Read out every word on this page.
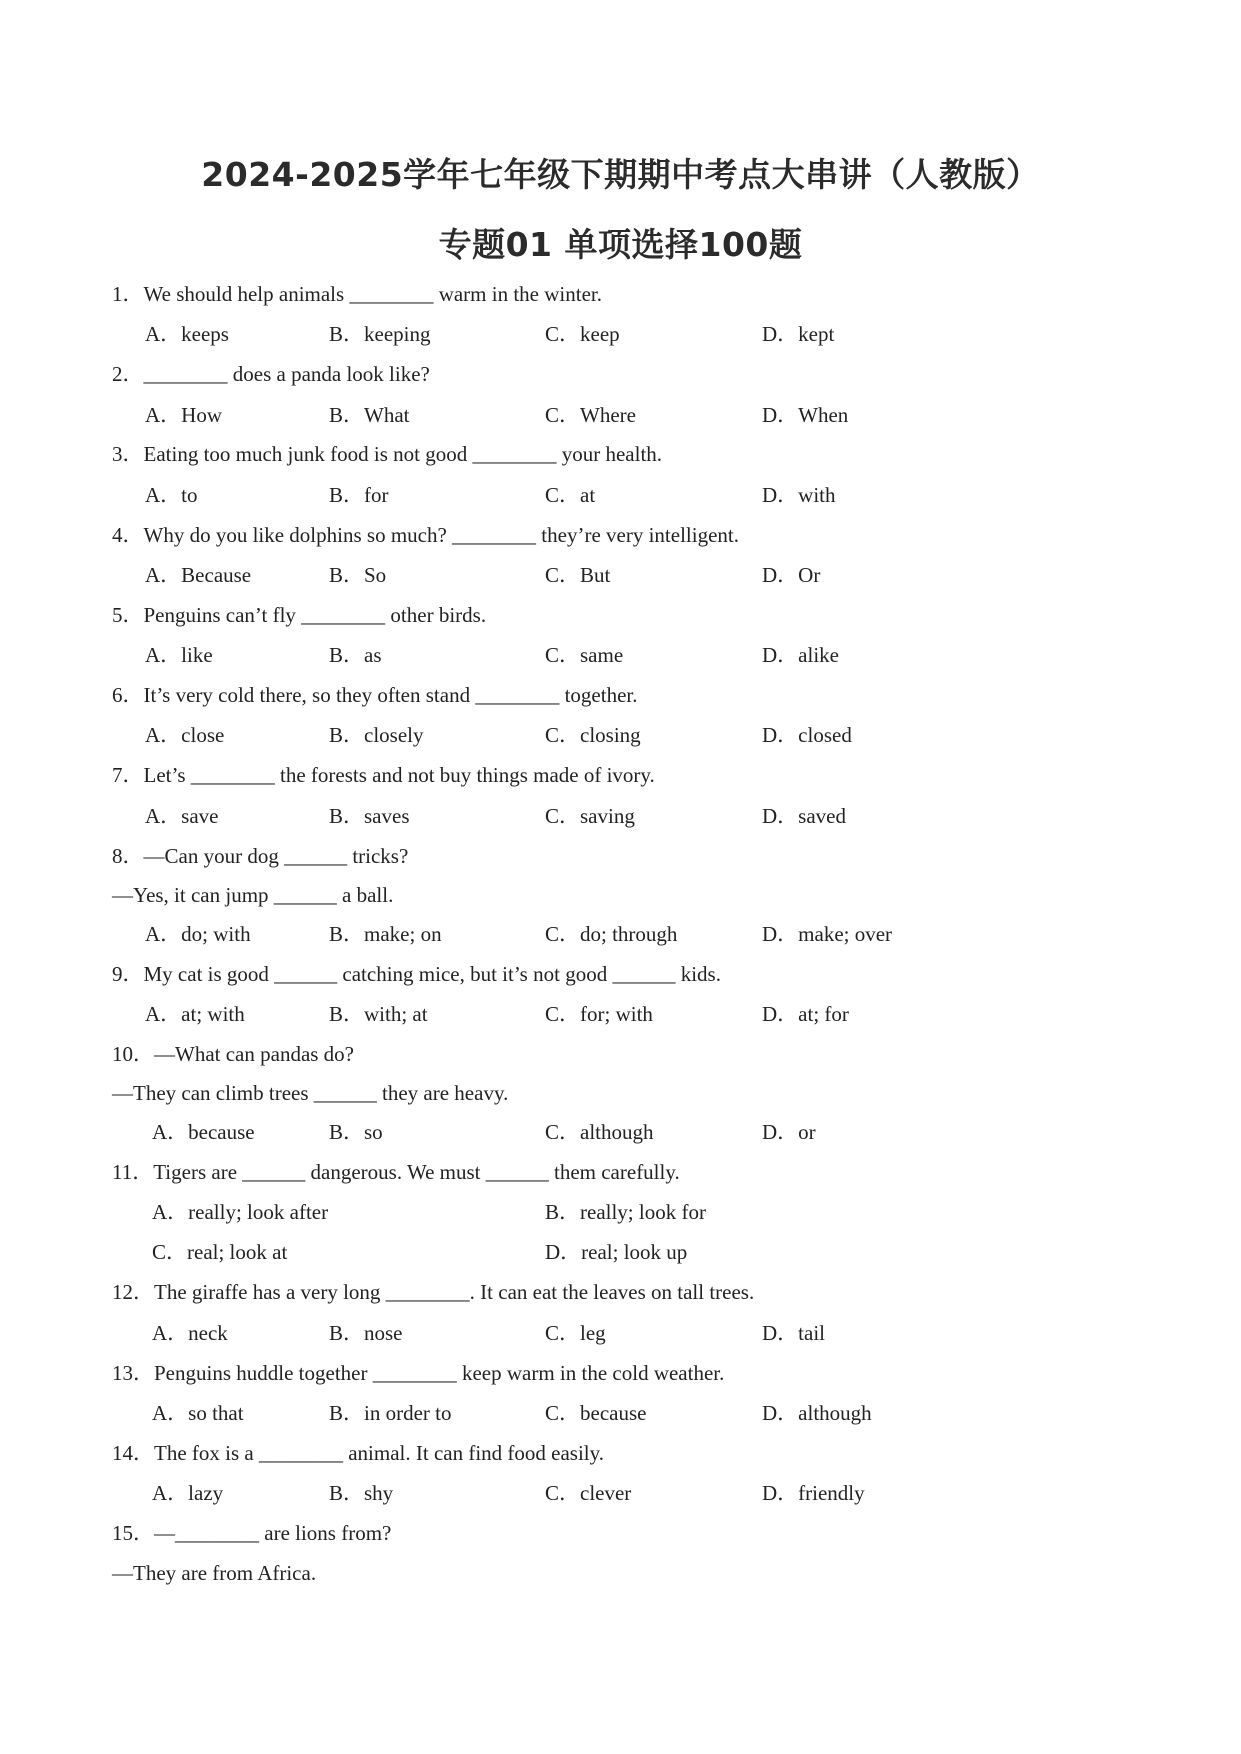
2024-2025学年七年级下期期中考点大串讲（人教版）
专题01 单项选择100题
1．We should help animals ________ warm in the winter.
A．keeps	B．keeping	C．keep	D．kept
2．________ does a panda look like?
A．How	B．What	C．Where	D．When
3．Eating too much junk food is not good ________ your health.
A．to	B．for	C．at	D．with
4．Why do you like dolphins so much? ________ they’re very intelligent.
A．Because	B．So	C．But	D．Or
5．Penguins can’t fly ________ other birds.
A．like	B．as	C．same	D．alike
6．It’s very cold there, so they often stand ________ together.
A．close	B．closely	C．closing	D．closed
7．Let’s ________ the forests and not buy things made of ivory.
A．save	B．saves	C．saving	D．saved
8．—Can your dog ______ tricks?
—Yes, it can jump ______ a ball.
A．do; with	B．make; on	C．do; through	D．make; over
9．My cat is good ______ catching mice, but it’s not good ______ kids.
A．at; with	B．with; at	C．for; with	D．at; for
10．—What can pandas do?
—They can climb trees ______ they are heavy.
A．because	B．so	C．although	D．or
11．Tigers are ______ dangerous. We must ______ them carefully.
A．really; look after	B．really; look for
C．real; look at	D．real; look up
12．The giraffe has a very long ________. It can eat the leaves on tall trees.
A．neck	B．nose	C．leg	D．tail
13．Penguins huddle together ________ keep warm in the cold weather.
A．so that	B．in order to	C．because	D．although
14．The fox is a ________ animal. It can find food easily.
A．lazy	B．shy	C．clever	D．friendly
15．—________ are lions from?
—They are from Africa.
